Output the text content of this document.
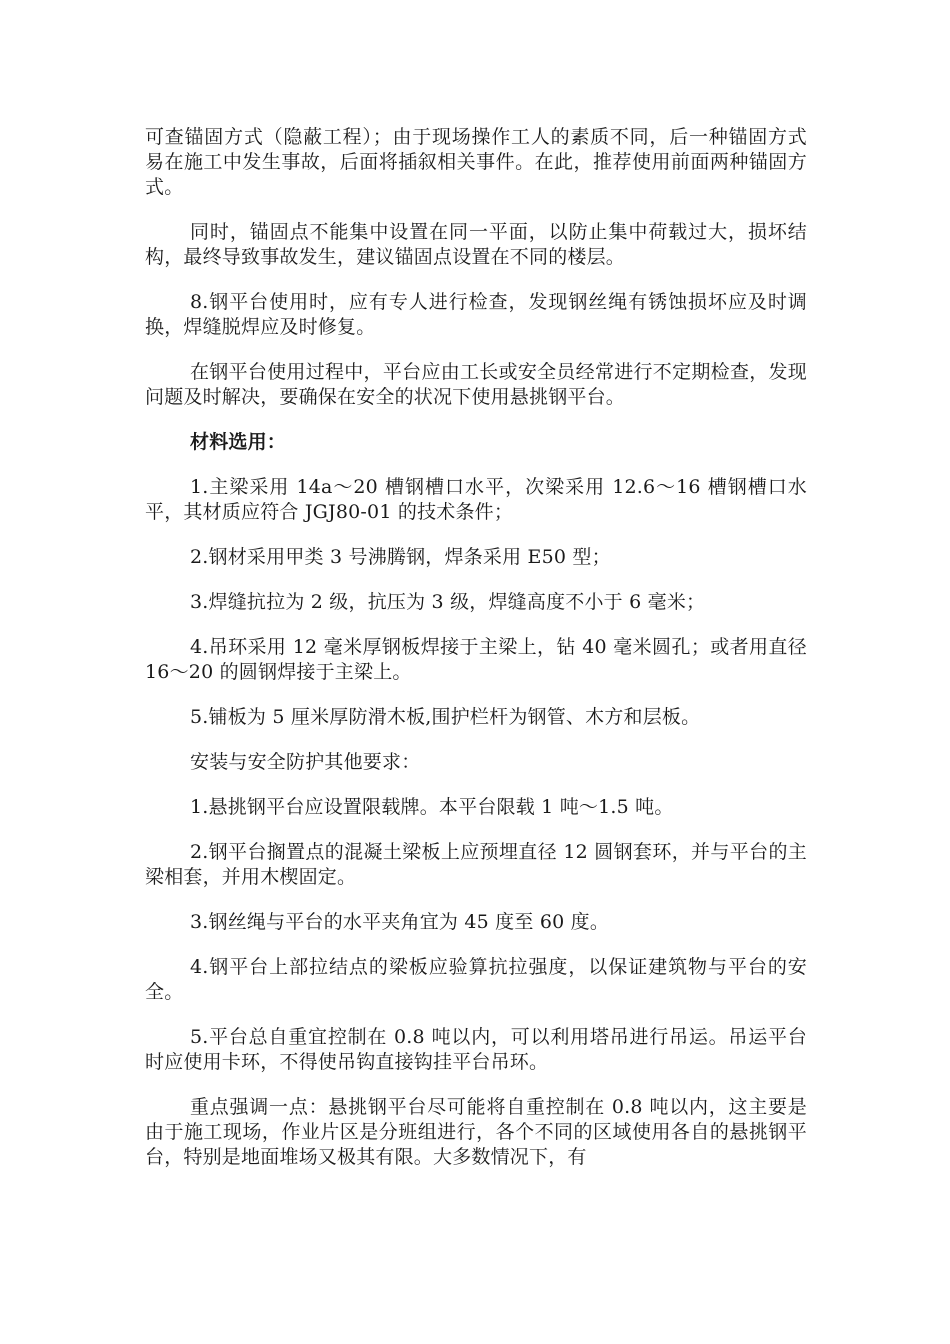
可查锚固方式（隐蔽工程）；由于现场操作工人的素质不同，后一种锚固方式易在施工中发生事故，后面将插叙相关事件。在此，推荐使用前面两种锚固方式。

同时，锚固点不能集中设置在同一平面，以防止集中荷载过大，损坏结构，最终导致事故发生，建议锚固点设置在不同的楼层。

8.钢平台使用时，应有专人进行检查，发现钢丝绳有锈蚀损坏应及时调换，焊缝脱焊应及时修复。

在钢平台使用过程中，平台应由工长或安全员经常进行不定期检查，发现问题及时解决，要确保在安全的状况下使用悬挑钢平台。

材料选用：

1.主梁采用 14a～20 槽钢槽口水平，次梁采用 12.6～16 槽钢槽口水平，其材质应符合 JGJ80-01 的技术条件；

2.钢材采用甲类 3 号沸腾钢，焊条采用 E50 型；

3.焊缝抗拉为 2 级，抗压为 3 级，焊缝高度不小于 6 毫米；

4.吊环采用 12 毫米厚钢板焊接于主梁上，钻 40 毫米圆孔；或者用直径 16～20 的圆钢焊接于主梁上。

5.铺板为 5 厘米厚防滑木板,围护栏杆为钢管、木方和层板。

安装与安全防护其他要求：

1.悬挑钢平台应设置限载牌。本平台限载 1 吨～1.5 吨。

2.钢平台搁置点的混凝土梁板上应预埋直径 12 圆钢套环，并与平台的主梁相套，并用木楔固定。

3.钢丝绳与平台的水平夹角宜为 45 度至 60 度。

4.钢平台上部拉结点的梁板应验算抗拉强度，以保证建筑物与平台的安全。

5.平台总自重宜控制在 0.8 吨以内，可以利用塔吊进行吊运。吊运平台时应使用卡环，不得使吊钩直接钩挂平台吊环。

重点强调一点：悬挑钢平台尽可能将自重控制在 0.8 吨以内，这主要是由于施工现场，作业片区是分班组进行，各个不同的区域使用各自的悬挑钢平台，特别是地面堆场又极其有限。大多数情况下，有
